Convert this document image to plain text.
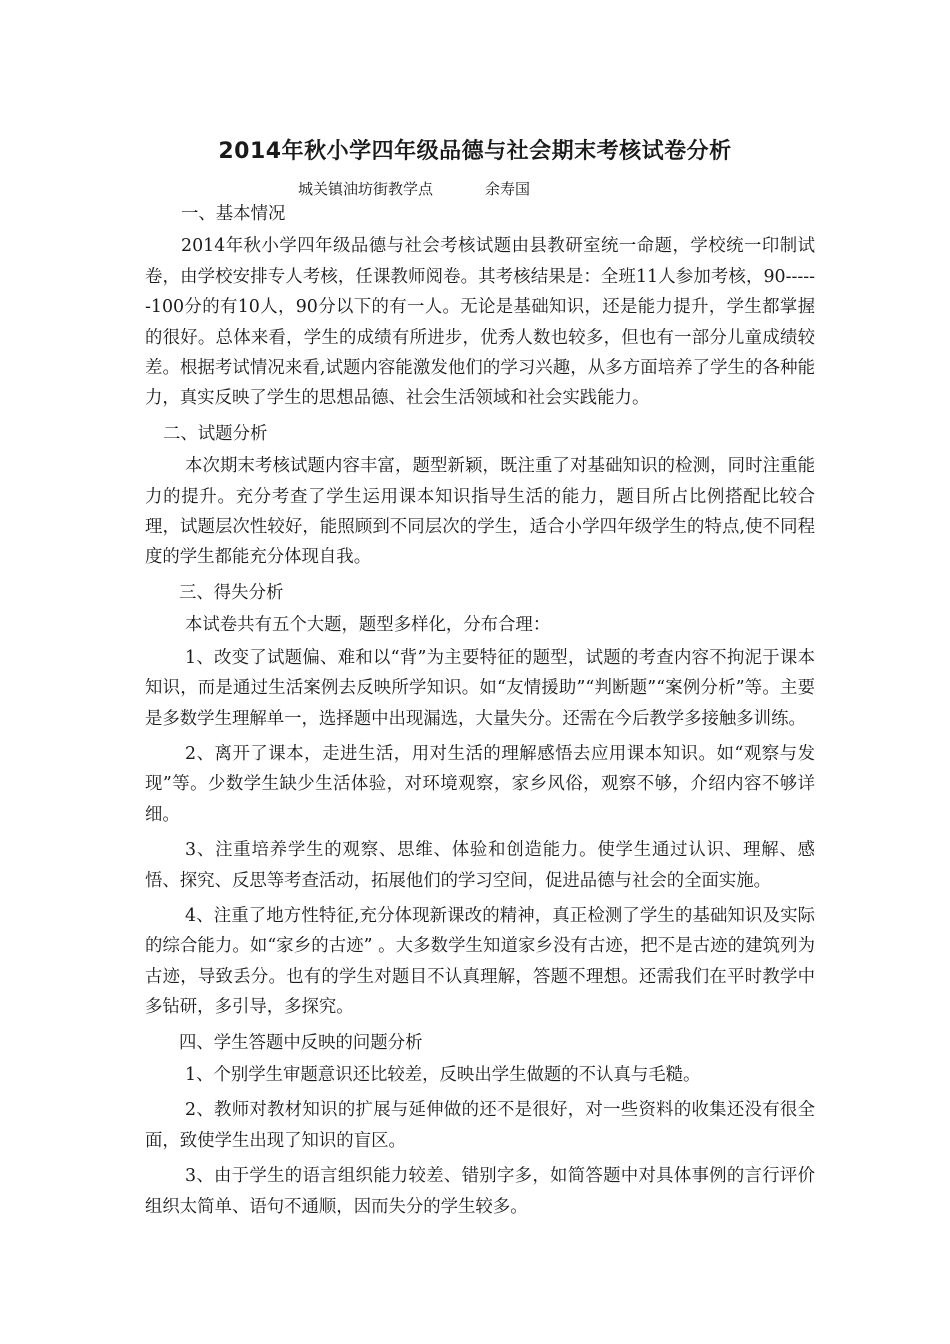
2014年秋小学四年级品德与社会期末考核试卷分析
城关镇油坊街教学点	余寿国

一、基本情况

2014年秋小学四年级品德与社会考核试题由县教研室统一命题，学校统一印制试卷，由学校安排专人考核，任课教师阅卷。其考核结果是：全班11人参加考核，90------100分的有10人，90分以下的有一人。无论是基础知识，还是能力提升，学生都掌握的很好。总体来看，学生的成绩有所进步，优秀人数也较多，但也有一部分儿童成绩较差。根据考试情况来看,试题内容能激发他们的学习兴趣，从多方面培养了学生的各种能力，真实反映了学生的思想品德、社会生活领域和社会实践能力。

二、试题分析

本次期末考核试题内容丰富，题型新颖，既注重了对基础知识的检测，同时注重能力的提升。充分考查了学生运用课本知识指导生活的能力，题目所占比例搭配比较合理，试题层次性较好，能照顾到不同层次的学生，适合小学四年级学生的特点,使不同程度的学生都能充分体现自我。

三、得失分析

本试卷共有五个大题，题型多样化，分布合理：

1、改变了试题偏、难和以“背”为主要特征的题型，试题的考查内容不拘泥于课本知识，而是通过生活案例去反映所学知识。如“友情援助”“判断题”“案例分析”等。主要是多数学生理解单一，选择题中出现漏选，大量失分。还需在今后教学多接触多训练。

2、离开了课本，走进生活，用对生活的理解感悟去应用课本知识。如“观察与发现”等。少数学生缺少生活体验，对环境观察，家乡风俗，观察不够，介绍内容不够详细。

3、注重培养学生的观察、思维、体验和创造能力。使学生通过认识、理解、感悟、探究、反思等考查活动，拓展他们的学习空间，促进品德与社会的全面实施。

4、注重了地方性特征,充分体现新课改的精神，真正检测了学生的基础知识及实际的综合能力。如“家乡的古迹” 。大多数学生知道家乡没有古迹，把不是古迹的建筑列为古迹，导致丢分。也有的学生对题目不认真理解，答题不理想。还需我们在平时教学中多钻研，多引导，多探究。

四、学生答题中反映的问题分析

1、个别学生审题意识还比较差，反映出学生做题的不认真与毛糙。

2、教师对教材知识的扩展与延伸做的还不是很好，对一些资料的收集还没有很全面，致使学生出现了知识的盲区。

3、由于学生的语言组织能力较差、错别字多，如简答题中对具体事例的言行评价组织太简单、语句不通顺，因而失分的学生较多。
